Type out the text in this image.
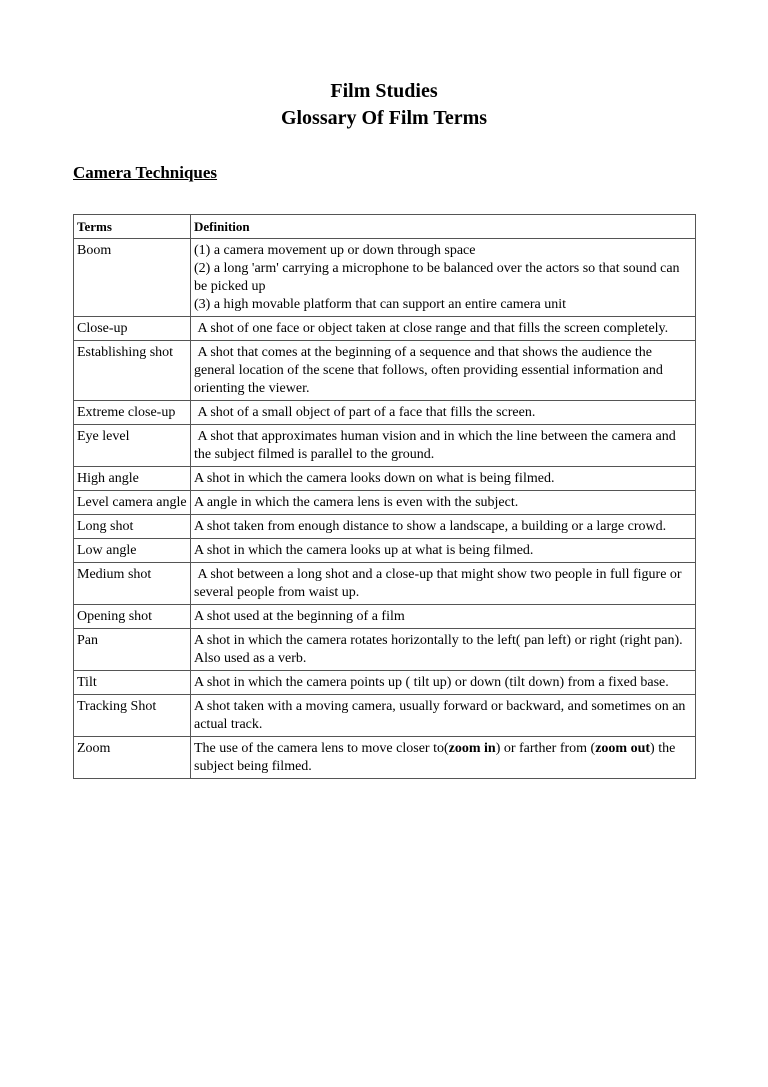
Film Studies
Glossary Of Film Terms
Camera Techniques
Terms	Definition
Boom	(1) a camera movement up or down through space
(2) a long 'arm' carrying a microphone to be balanced over the actors so that sound can be picked up
(3) a high movable platform that can support an entire camera unit

Close-up	A shot of one face or object taken at close range and that fills the screen completely.
Establishing shot	A shot that comes at the beginning of a sequence and that shows the audience the general location of the scene that follows, often providing essential information and orienting the viewer.
Extreme close-up	A shot of a small object of part of a face that fills the screen.
Eye level	A shot that approximates human vision and in which the line between the camera and the subject filmed is parallel to the ground.
High angle	A shot in which the camera looks down on what is being filmed.
Level camera angle	A angle in which the camera lens is even with the subject.
Long shot	A shot taken from enough distance to show a landscape, a building or a large crowd.
Low angle	A shot in which the camera looks up at what is being filmed.
Medium shot	A shot between a long shot and a close-up that might show two people in full figure or several people from waist up.
Opening shot	A shot used at the beginning of a film
Pan	A shot in which the camera rotates horizontally to the left( pan left) or right (right pan). Also used as a verb.
Tilt	A shot in which the camera points up ( tilt up) or down (tilt down) from a fixed base.
Tracking Shot	A shot taken with a moving camera, usually forward or backward, and sometimes on an actual track.
Zoom	The use of the camera lens to move closer to(zoom in) or farther from (zoom out) the subject being filmed.
